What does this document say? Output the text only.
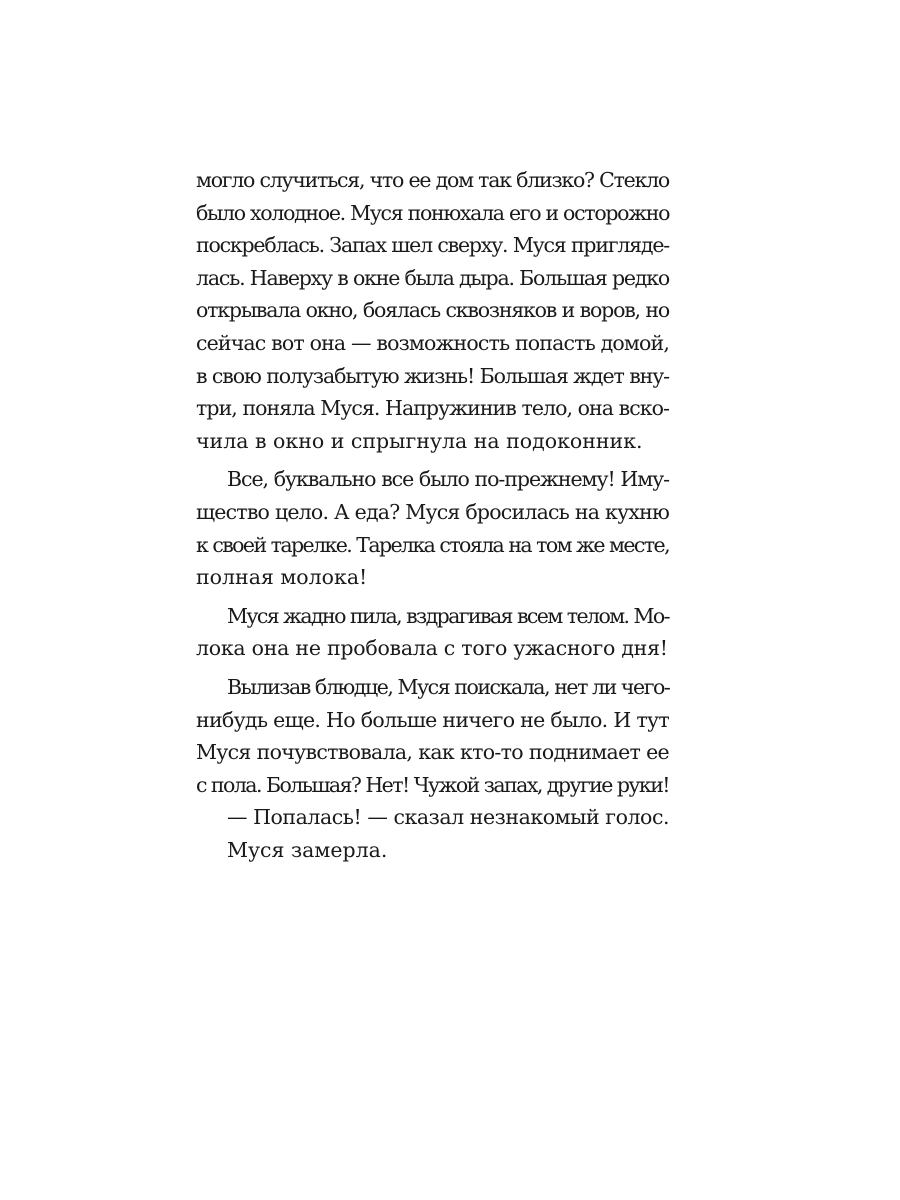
могло случиться, что ее дом так близко? Стекло
было холодное. Муся понюхала его и осторожно
поскреблась. Запах шел сверху. Муся пригляде-
лась. Наверху в окне была дыра. Большая редко
открывала окно, боялась сквозняков и воров, но
сейчас вот она — возможность попасть домой,
в свою полузабытую жизнь! Большая ждет вну-
три, поняла Муся. Напружинив тело, она вско-
чила в окно и спрыгнула на подоконник.
Все, буквально все было по-прежнему! Иму-
щество цело. А еда? Муся бросилась на кухню
к своей тарелке. Тарелка стояла на том же месте,
полная молока!
Муся жадно пила, вздрагивая всем телом. Мо-
лока она не пробовала с того ужасного дня!
Вылизав блюдце, Муся поискала, нет ли чего-
нибудь еще. Но больше ничего не было. И тут
Муся почувствовала, как кто-то поднимает ее
с пола. Большая? Нет! Чужой запах, другие руки!
— Попалась! — сказал незнакомый голос.
Муся замерла.
